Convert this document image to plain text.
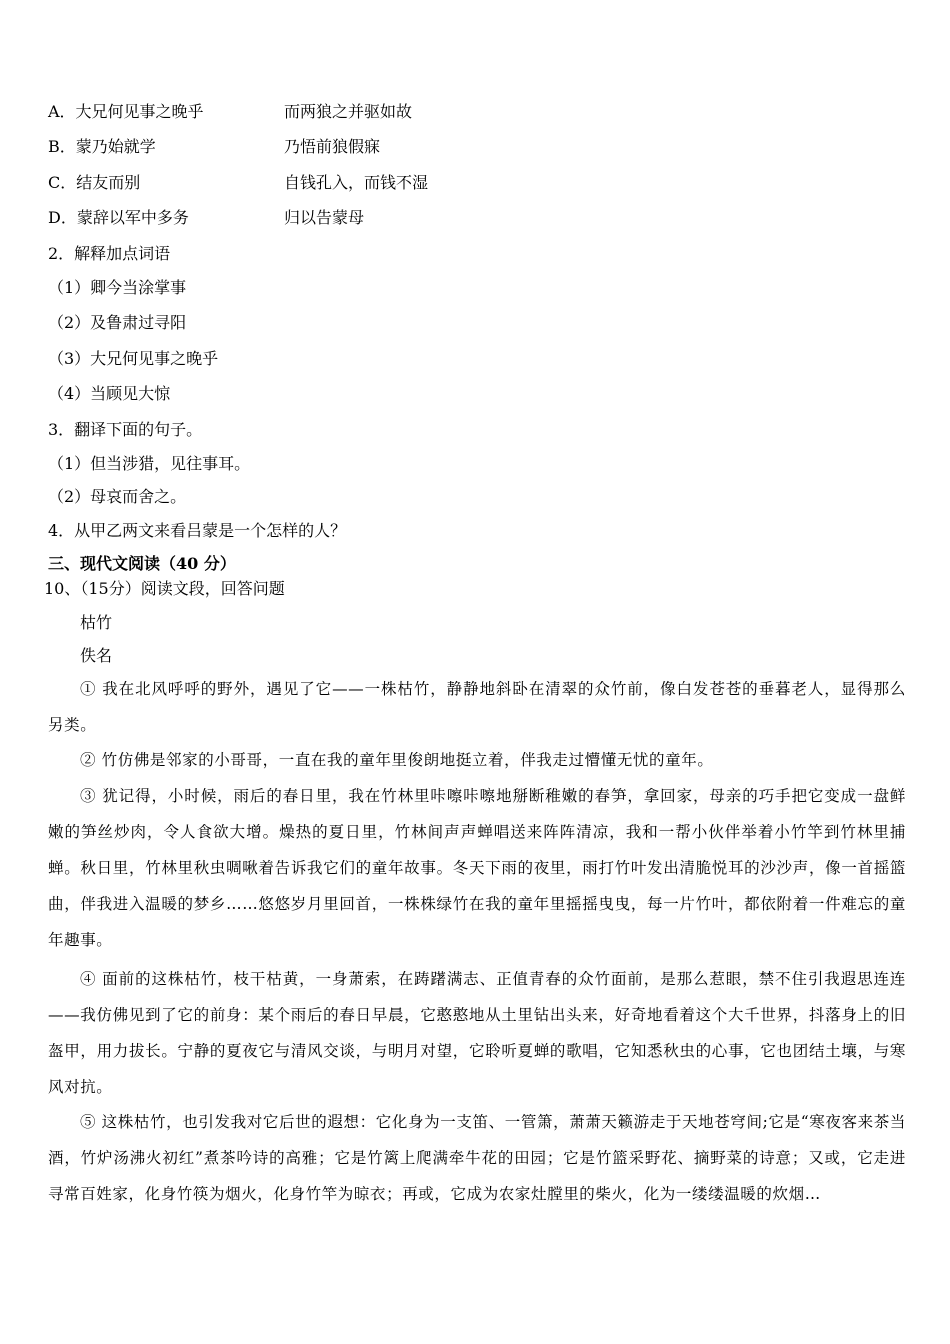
A．大兄何见事之晚乎	而两狼之并驱如故
B．蒙乃始就学	乃悟前狼假寐
C．结友而别	自钱孔入，而钱不湿
D．蒙辞以军中多务	归以告蒙母
2．解释加点词语
（1）卿今当涂掌事
（2）及鲁肃过寻阳
（3）大兄何见事之晚乎
（4）当顾见大惊
3．翻译下面的句子。
（1）但当涉猎，见往事耳。
（2）母哀而舍之。
4．从甲乙两文来看吕蒙是一个怎样的人？
三、现代文阅读（40 分）
10、（15分）阅读文段，回答问题
枯竹
佚名
① 我在北风呼呼的野外，遇见了它——一株枯竹，静静地斜卧在清翠的众竹前，像白发苍苍的垂暮老人，显得那么另类。
② 竹仿佛是邻家的小哥哥，一直在我的童年里俊朗地挺立着，伴我走过懵懂无忧的童年。
③ 犹记得，小时候，雨后的春日里，我在竹林里咔嚓咔嚓地掰断稚嫩的春笋，拿回家，母亲的巧手把它变成一盘鲜嫩的笋丝炒肉，令人食欲大增。燥热的夏日里，竹林间声声蝉唱送来阵阵清凉，我和一帮小伙伴举着小竹竿到竹林里捕蝉。秋日里，竹林里秋虫啁啾着告诉我它们的童年故事。冬天下雨的夜里，雨打竹叶发出清脆悦耳的沙沙声，像一首摇篮曲，伴我进入温暖的梦乡……悠悠岁月里回首，一株株绿竹在我的童年里摇摇曳曳，每一片竹叶，都依附着一件难忘的童年趣事。
④ 面前的这株枯竹，枝干枯黄，一身萧索，在踌躇满志、正值青春的众竹面前，是那么惹眼，禁不住引我遐思连连——我仿佛见到了它的前身：某个雨后的春日早晨，它憨憨地从土里钻出头来，好奇地看着这个大千世界，抖落身上的旧盔甲，用力拔长。宁静的夏夜它与清风交谈，与明月对望，它聆听夏蝉的歌唱，它知悉秋虫的心事，它也团结土壤，与寒风对抗。
⑤ 这株枯竹，也引发我对它后世的遐想：它化身为一支笛、一管箫，萧萧天籁游走于天地苍穹间;它是“寒夜客来茶当酒，竹炉汤沸火初红”煮茶吟诗的高雅；它是竹篱上爬满牵牛花的田园；它是竹篮采野花、摘野菜的诗意；又或，它走进寻常百姓家，化身竹筷为烟火，化身竹竿为晾衣；再或，它成为农家灶膛里的柴火，化为一缕缕温暖的炊烟…
